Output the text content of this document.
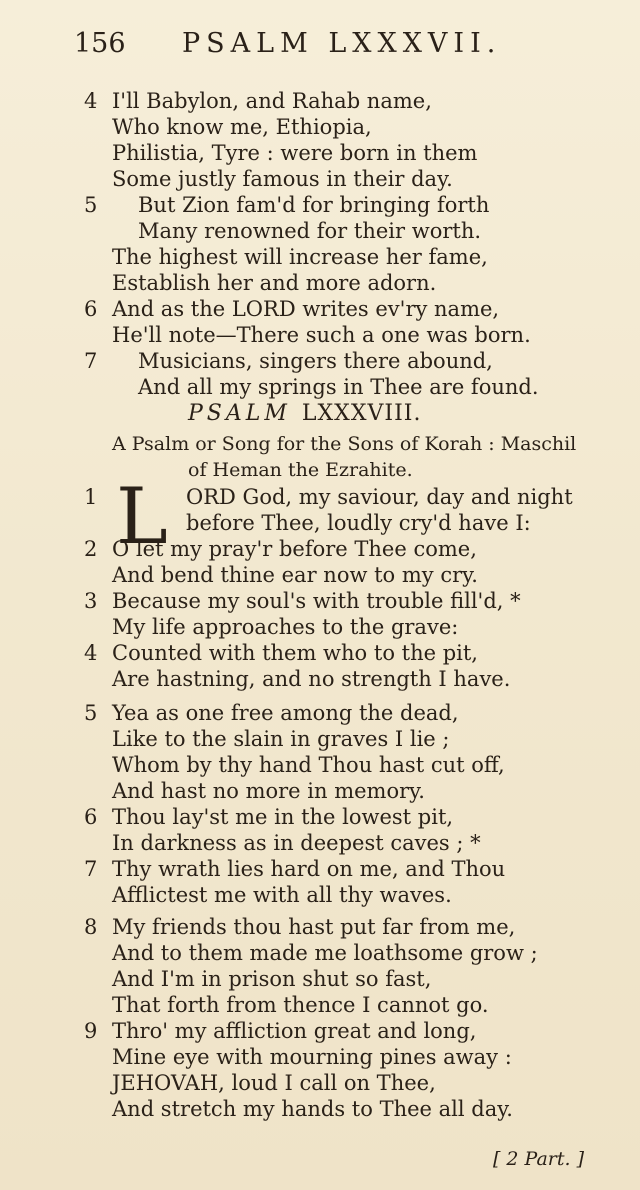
156 PSALM LXXXVII.
4 I'll Babylon, and Rahab name,
Who know me, Ethiopia,
Philistia, Tyre : were born in them
Some justly famous in their day.
5	But Zion fam'd for bringing forth
Many renowned for their worth.
The highest will increase her fame,
Establish her and more adorn.
6 And as the LORD writes ev'ry name,
He'll note—There such a one was born.
7	Musicians, singers there abound,
And all my springs in Thee are found.
PSALM LXXXVIII.
A Psalm or Song for the Sons of Korah : Maschil
of Heman the Ezrahite.
1	ORD God, my saviour, day and night
L before Thee, loudly cry'd have I:
2 O let my pray'r before Thee come,
And bend thine ear now to my cry.
3 Because my soul's with trouble fill'd, *
My life approaches to the grave:
4 Counted with them who to the pit,
Are hastning, and no strength I have.
5 Yea as one free among the dead,
Like to the slain in graves I lie ;
Whom by thy hand Thou hast cut off,
And hast no more in memory.
6 Thou lay'st me in the lowest pit,
In darkness as in deepest caves ; *
7 Thy wrath lies hard on me, and Thou
Afflictest me with all thy waves.
8 My friends thou hast put far from me,
And to them made me loathsome grow ;
And I'm in prison shut so fast,
That forth from thence I cannot go.
9 Thro' my affliction great and long,
Mine eye with mourning pines away :
JEHOVAH, loud I call on Thee,
And stretch my hands to Thee all day.
[ 2 Part. ]
